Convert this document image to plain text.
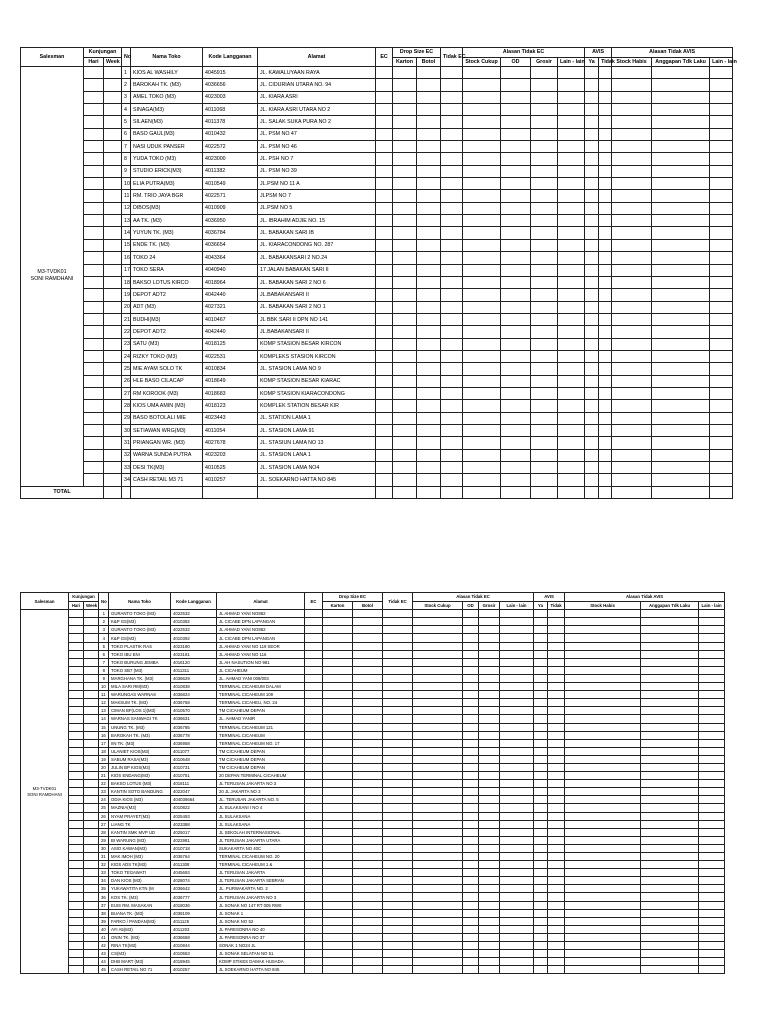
Salesman	Kunjungan		No	Nama Toko	Kode Langganan	Alamat	EC	Drop Size EC		Tidak EC	Alasan Tidak EC				AVIS		Alasan Tidak AVIS		
	Hari	Week						Karton	Botol		Stock Cukup	OD	Grosir	Lain - lain	Ya	Tidak	Stock Habis	Anggapan Tdk Laku	Lain - lain

M3-TVDK01
SONI RAMDHANI			1	KIOS AL WASHILY	4045915	JL. KAWALUYAAN RAYA													
			2	BAROKAH TK. (M3)	4036656	JL. CIDURIAN UTARA NO. 94													
			3	AMEL TOKO (M3)	4023003	JL. KIARA ASRI													
			4	SINAGA(M3)	4011068	JL. KIARA ASRI UTARA NO 2													
			5	SILAEN(M3)	4011378	JL. SALAK SUKA PURA NO 2													
			6	BASO GAUL(M3)	4010432	JL. PSM NO 47													
			7	NASI UDUK PANSER	4022572	JL. PSM NO 46													
			8	YUDA TOKO (M3)	4023000	JL. PSH NO 7													
			9	STUDIO ERICK(M3)	4011382	JL. PSM NO 39													
			10	ELIA PUTRA(M3)	4010549	JL.PSM NO 11 A													
			11	RM. TRIO JAYA BGR	4022571	JLPSM NO 7													
			12	DIBOS(M3)	4010909	JL.PSM NO 5													
			13	AA TK. (M3)	4036950	JL. IBRAHIM ADJIE NO. 15													
			14	YUYUN TK. (M3)	4036784	JL. BABAKAN SARI IB													
			15	ENDE TK. (M3)	4036654	JL. KIARACONDONG NO. 287													
			16	TOKO 24	4043364	JL. BABAKANSARI 2 NO.24													
			17	TOKO SERA	4040940	17 JALAN BABAKAN SARI II													
			18	BAKSO LOTUS KIRCO	4018964	JL. BABAKAN SARI 2 NO 6													
			19	DEPOT ADT2	4042440	JL.BABAKANSARI II													
			20	ADT (M3)	4027321	JL. BABAKAN SARI 2 NO 1													
			21	BUDHI(M3)	4010467	JL BBK SARI II DPN NO 141													
			22	DEPOT ADT2	4042440	JL.BABAKANSARI II													
			23	SATU (M3)	4018125	KOMP STASION BESAR KIRCON													
			24	RIZKY TOKO (M3)	4022531	KOMPLEKS STASION KIRCON													
			25	MIE AYAM SOLO TK	4010834	JL. STASION LAMA NO 9													
			26	HLE BASO CILACAP	4018649	KOMP STASION BESAR KIARAC													
			27	RM KOROOK (M3)	4018683	KOMP STASION KIARACONDONG													
			28	KIOS UMA AMIN (M3)	4018123	KOMPLEK STATION BESAR KIR													
			29	BASO BOTOLALI MIE	4023443	JL. STATION LAMA 1													
			30	SETIAWAN WRG(M3)	4011054	JL. STASION LAMA 91													
			31	PRIANGAN WR. (M3)	4027678	JL. STASIUN LAMA NO 13													
			32	WARNA SUNDA PUTRA	4023203	JL. STASION LANA 1													
			33	DESI TK(M3)	4010525	JL. STASION LAMA NO4													
			34	CASH RETAIL M3 71	4010257	JL. SOEKARNO HATTA NO 845													
TOTAL																			
Salesman	Kunjungan		No	Nama Toko	Kode Langganan	Alamat	EC	Drop Size EC		Tidak EC	Alasan Tidak EC				AVIS		Alasan Tidak AVIS		
	Hari	Week						Karton	Botol		Stock Cukup	OD	Grosir	Lain - lain	Ya	Tidak	Stock Habis	Anggapan Tdk Laku	Lain - lain

M3-TVDK01
SONI RAMDHANI			1	GURANTO TOKO (M3)	4022532	JL AHMAD YANI NO882													
			2	K&P GS(M3)	4010392	JL CICABE DPN LAPANGAN													
			3	GURANTO TOKO (M3)	4022532	JL AHMAD YANI NO882													
			4	K&P GS(M3)	4010392	JL CICABE DPN LAPANGAN													
			5	TOKO PLASTIK RAS	4023180	JL AHMAD YANI NO 119 SEOR													
			6	TOKO IBU ENI	4023181	JL AHMAD YANI NO 116													
			7	TOKO BURUNG JEMBA	4018120	JL AH NASUTION NO 981													
			8	TOKO SB7 (M3)	4011311	JL CICAHEUM													
			9	MARGHANA TK. (M3)	4036629	JL. AHMAD YANI 008/003													
			10	MILA SARI RM(M3)	4010838	TERMINAL CICAHEUM DALAM													
			11	WARUNGAS WARNAS	4036824	TERMINAL CICAHEUM 109													
			12	MAKSUM TK. (M3)	4036768	TERMINAL CICAHEU, NO. 24													
			13	CIMAN BF(LOS 1)(M3)	4010570	TM CICAHEUM DEPAN													
			14	WARNAS SANWAGI TK	4036631	JL. AHMAD YANIR													
			15	UNUNG TK. (M3)	4036785	TERMINAL CICAHEUM 121													
			16	BAROKAH TK. (M3)	4036778	TERMINAL CICAHEUM													
			17	IIN TK. (M3)	4036958	TERMINAL CICAHEUM NO. 17													
			18	ULANIET KIOS(M3)	4011077	TM CICAHEUM DEPAN													
			19	SABUM RASA(M3)	4010648	TM CICAHEUM DEPAN													
			20	JULIN BP KIOS(M3)	4010731	TM CICAHEUM DEPAN													
			21	KIOS ENDANG(M3)	4010751	20 DEPAN TERMINAL CICAHEUM													
			22	BAKSO LOTUS (M3)	4018111	JL TERUSAN JAKARTA NO 3													
			23	KANTIN SOTO BANDUNG	4022047	20 JL JAKARTA NO 3													
			24	ODIA KIOS (M3)	404036664	JL. TERUSAN JAKARTA NO. 5													
			25	MAZNIA(M3)	4010822	JL SULAKSANI I NO 4													
			26	NYAM PRAYET(M3)	4025493	JL SULAKSANA													
			27	LIANG TK	4023388	JL SULAKSANA													
			28	KANTIN SMK MVP UD	4025017	JL SEKOLAH INTERNASIONAL													
			29	BI WARUNG (M3)	4022981	JL TERUSAN JAKARTA UTARA													
			30	ASIO KAWAN(M3)	4010718	SUKAKARTA NO 40C													
			31	MAK IMOH (M3)	4036764	TERMINAL CICAHEUM NO. 20													
			32	KIOS ADS TK(M3)	4011308	TERMINAL CICAHEUM 1 &													
			33	TOKO TEGAWATI	4045693	JL TERUSAN JAKARTA													
			34	DAN KIOS (M3)	4028074	JL TERUSAN JAKARTA SEBRAN													
			35	YUKAWATITA KTN (M	4036642	JL. PURWAKARTA NO. 2													
			36	KOS TK. (M3)	4036777	JL TERUSAN JAKARTA NO 3													
			37	EUIS RM. MASAKAN	4018036	JL SONAK NO 147 RT 005 RW0													
			38	BUANA TK. (M3)	4038109	JL SONAK 1													
			39	FARKO / PANDAN(M3)	4011125	JL SONAK NO 52													
			40	AYI A5(M3)	4011203	JL PARESONRA NO 40													
			41	ONIN TK. (M3)	4036658	JL PARESONRA NO 37													
			42	RINA TK(M3)	4010844	SONAK 1 NO24 JL													
			43	CS(M3)	4010553	JL SONAK SELATAN NO 51													
			44	DHB MART (M3)	4018945	KOMP STIKES DAMAK HUSADA													
			45	CASH RETAIL NO 71	4010257	JL SOEKARNO HATTA NO 845													
